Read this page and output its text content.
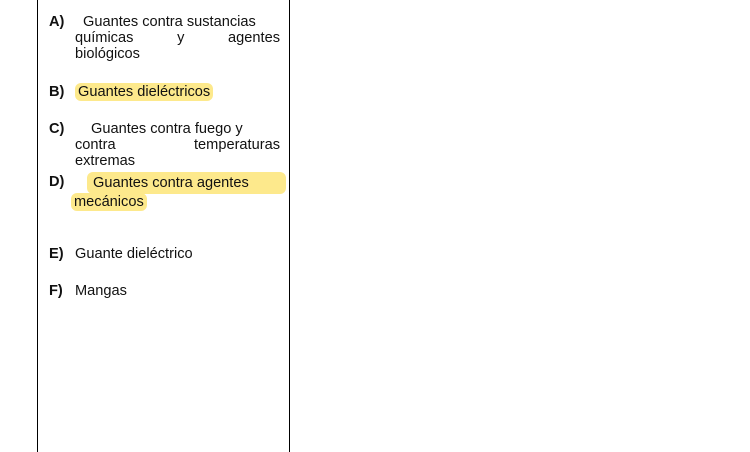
A) Guantes contra sustancias
químicas y agentes
biológicos
B) Guantes dieléctricos
C) Guantes contra fuego y
contra temperaturas
extremas
D)	Guantes contra agentes
mecánicos
E) Guante dieléctrico
F) Mangas
